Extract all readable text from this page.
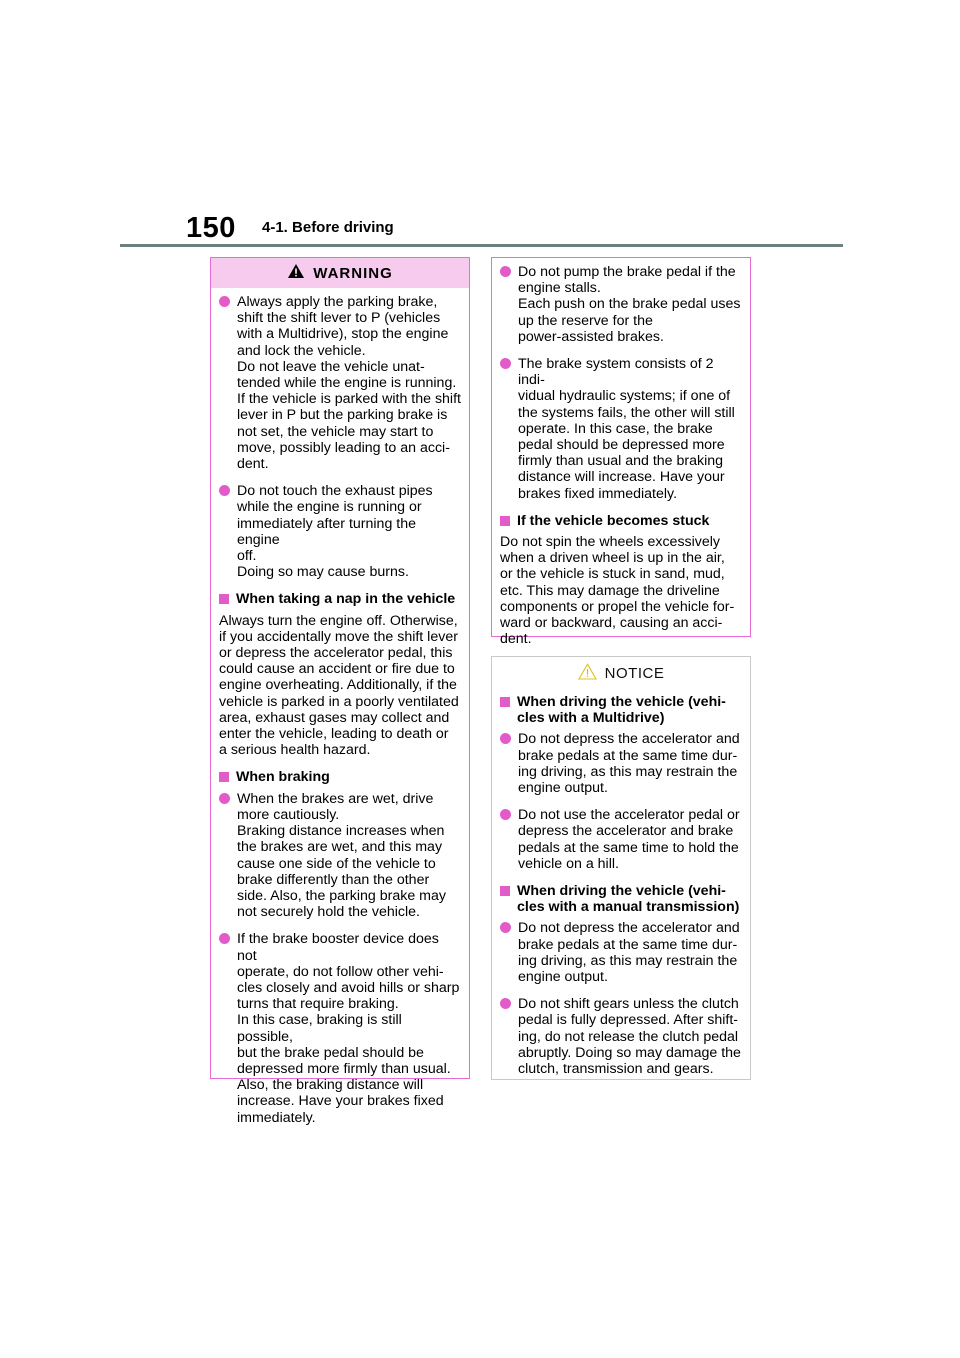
150 4-1. Before driving
WARNING
Always apply the parking brake,
shift the shift lever to P (vehicles
with a Multidrive), stop the engine
and lock the vehicle.
Do not leave the vehicle unat-
tended while the engine is running.
If the vehicle is parked with the shift
lever in P but the parking brake is
not set, the vehicle may start to
move, possibly leading to an acci-
dent.
Do not touch the exhaust pipes
while the engine is running or
immediately after turning the engine
off.
Doing so may cause burns.
When taking a nap in the vehicle
Always turn the engine off. Otherwise,
if you accidentally move the shift lever
or depress the accelerator pedal, this
could cause an accident or fire due to
engine overheating. Additionally, if the
vehicle is parked in a poorly ventilated
area, exhaust gases may collect and
enter the vehicle, leading to death or
a serious health hazard.
When braking
When the brakes are wet, drive
more cautiously.
Braking distance increases when
the brakes are wet, and this may
cause one side of the vehicle to
brake differently than the other
side. Also, the parking brake may
not securely hold the vehicle.
If the brake booster device does not
operate, do not follow other vehi-
cles closely and avoid hills or sharp
turns that require braking.
In this case, braking is still possible,
but the brake pedal should be
depressed more firmly than usual.
Also, the braking distance will
increase. Have your brakes fixed
immediately.
Do not pump the brake pedal if the
engine stalls.
Each push on the brake pedal uses
up the reserve for the
power-assisted brakes.
The brake system consists of 2 indi-
vidual hydraulic systems; if one of
the systems fails, the other will still
operate. In this case, the brake
pedal should be depressed more
firmly than usual and the braking
distance will increase. Have your
brakes fixed immediately.
If the vehicle becomes stuck
Do not spin the wheels excessively
when a driven wheel is up in the air,
or the vehicle is stuck in sand, mud,
etc. This may damage the driveline
components or propel the vehicle for-
ward or backward, causing an acci-
dent.
NOTICE
When driving the vehicle (vehi-
cles with a Multidrive)
Do not depress the accelerator and
brake pedals at the same time dur-
ing driving, as this may restrain the
engine output.
Do not use the accelerator pedal or
depress the accelerator and brake
pedals at the same time to hold the
vehicle on a hill.
When driving the vehicle (vehi-
cles with a manual transmission)
Do not depress the accelerator and
brake pedals at the same time dur-
ing driving, as this may restrain the
engine output.
Do not shift gears unless the clutch
pedal is fully depressed. After shift-
ing, do not release the clutch pedal
abruptly. Doing so may damage the
clutch, transmission and gears.
